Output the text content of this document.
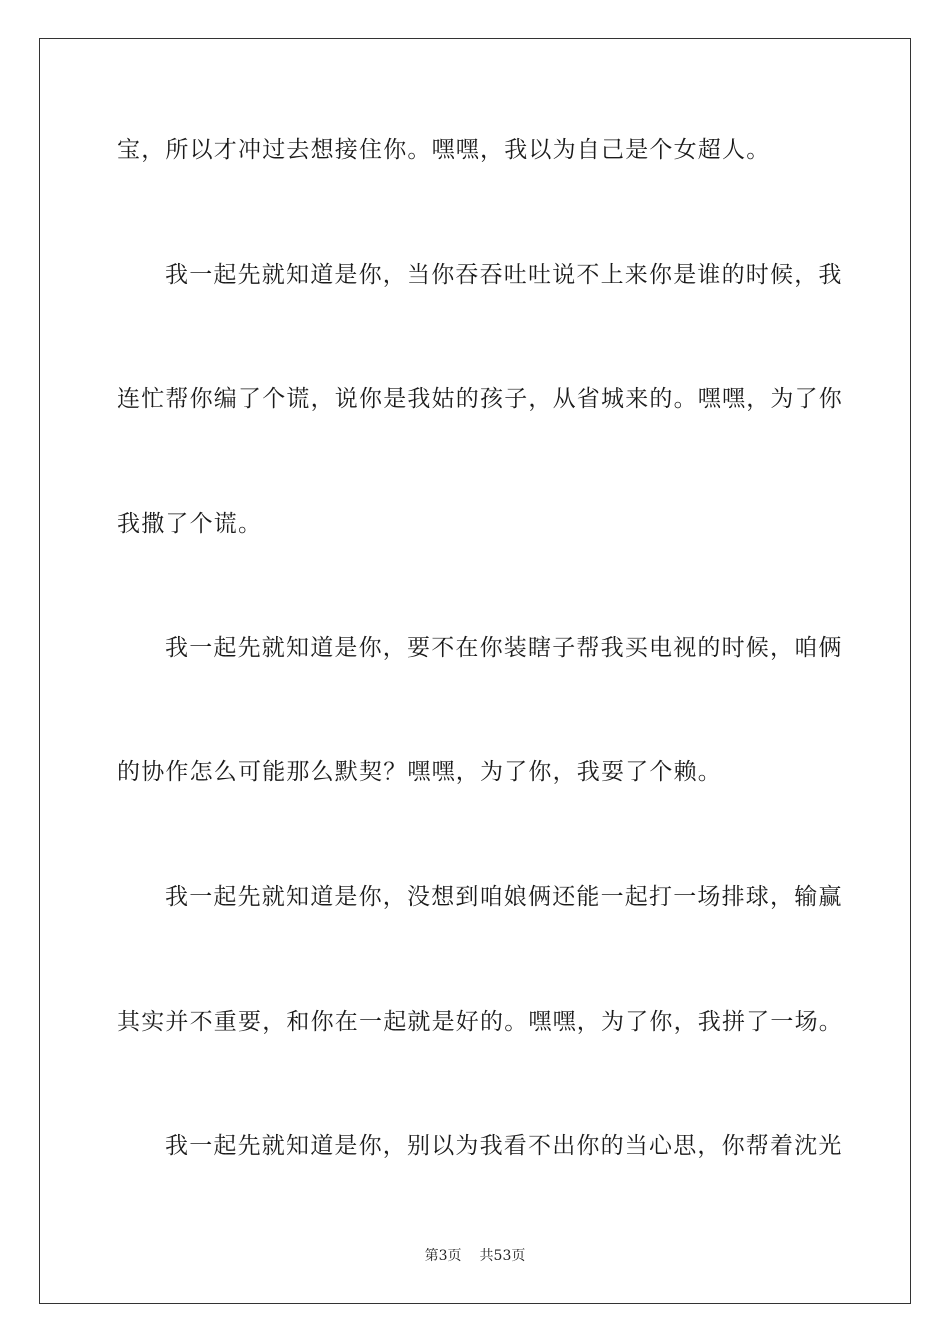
宝，所以才冲过去想接住你。嘿嘿，我以为自己是个女超人。
我一起先就知道是你，当你吞吞吐吐说不上来你是谁的时候，我
连忙帮你编了个谎，说你是我姑的孩子，从省城来的。嘿嘿，为了你
我撒了个谎。
我一起先就知道是你，要不在你装瞎子帮我买电视的时候，咱俩
的协作怎么可能那么默契？嘿嘿，为了你，我耍了个赖。
我一起先就知道是你，没想到咱娘俩还能一起打一场排球，输赢
其实并不重要，和你在一起就是好的。嘿嘿，为了你，我拼了一场。
我一起先就知道是你，别以为我看不出你的当心思，你帮着沈光
第3页 共53页
